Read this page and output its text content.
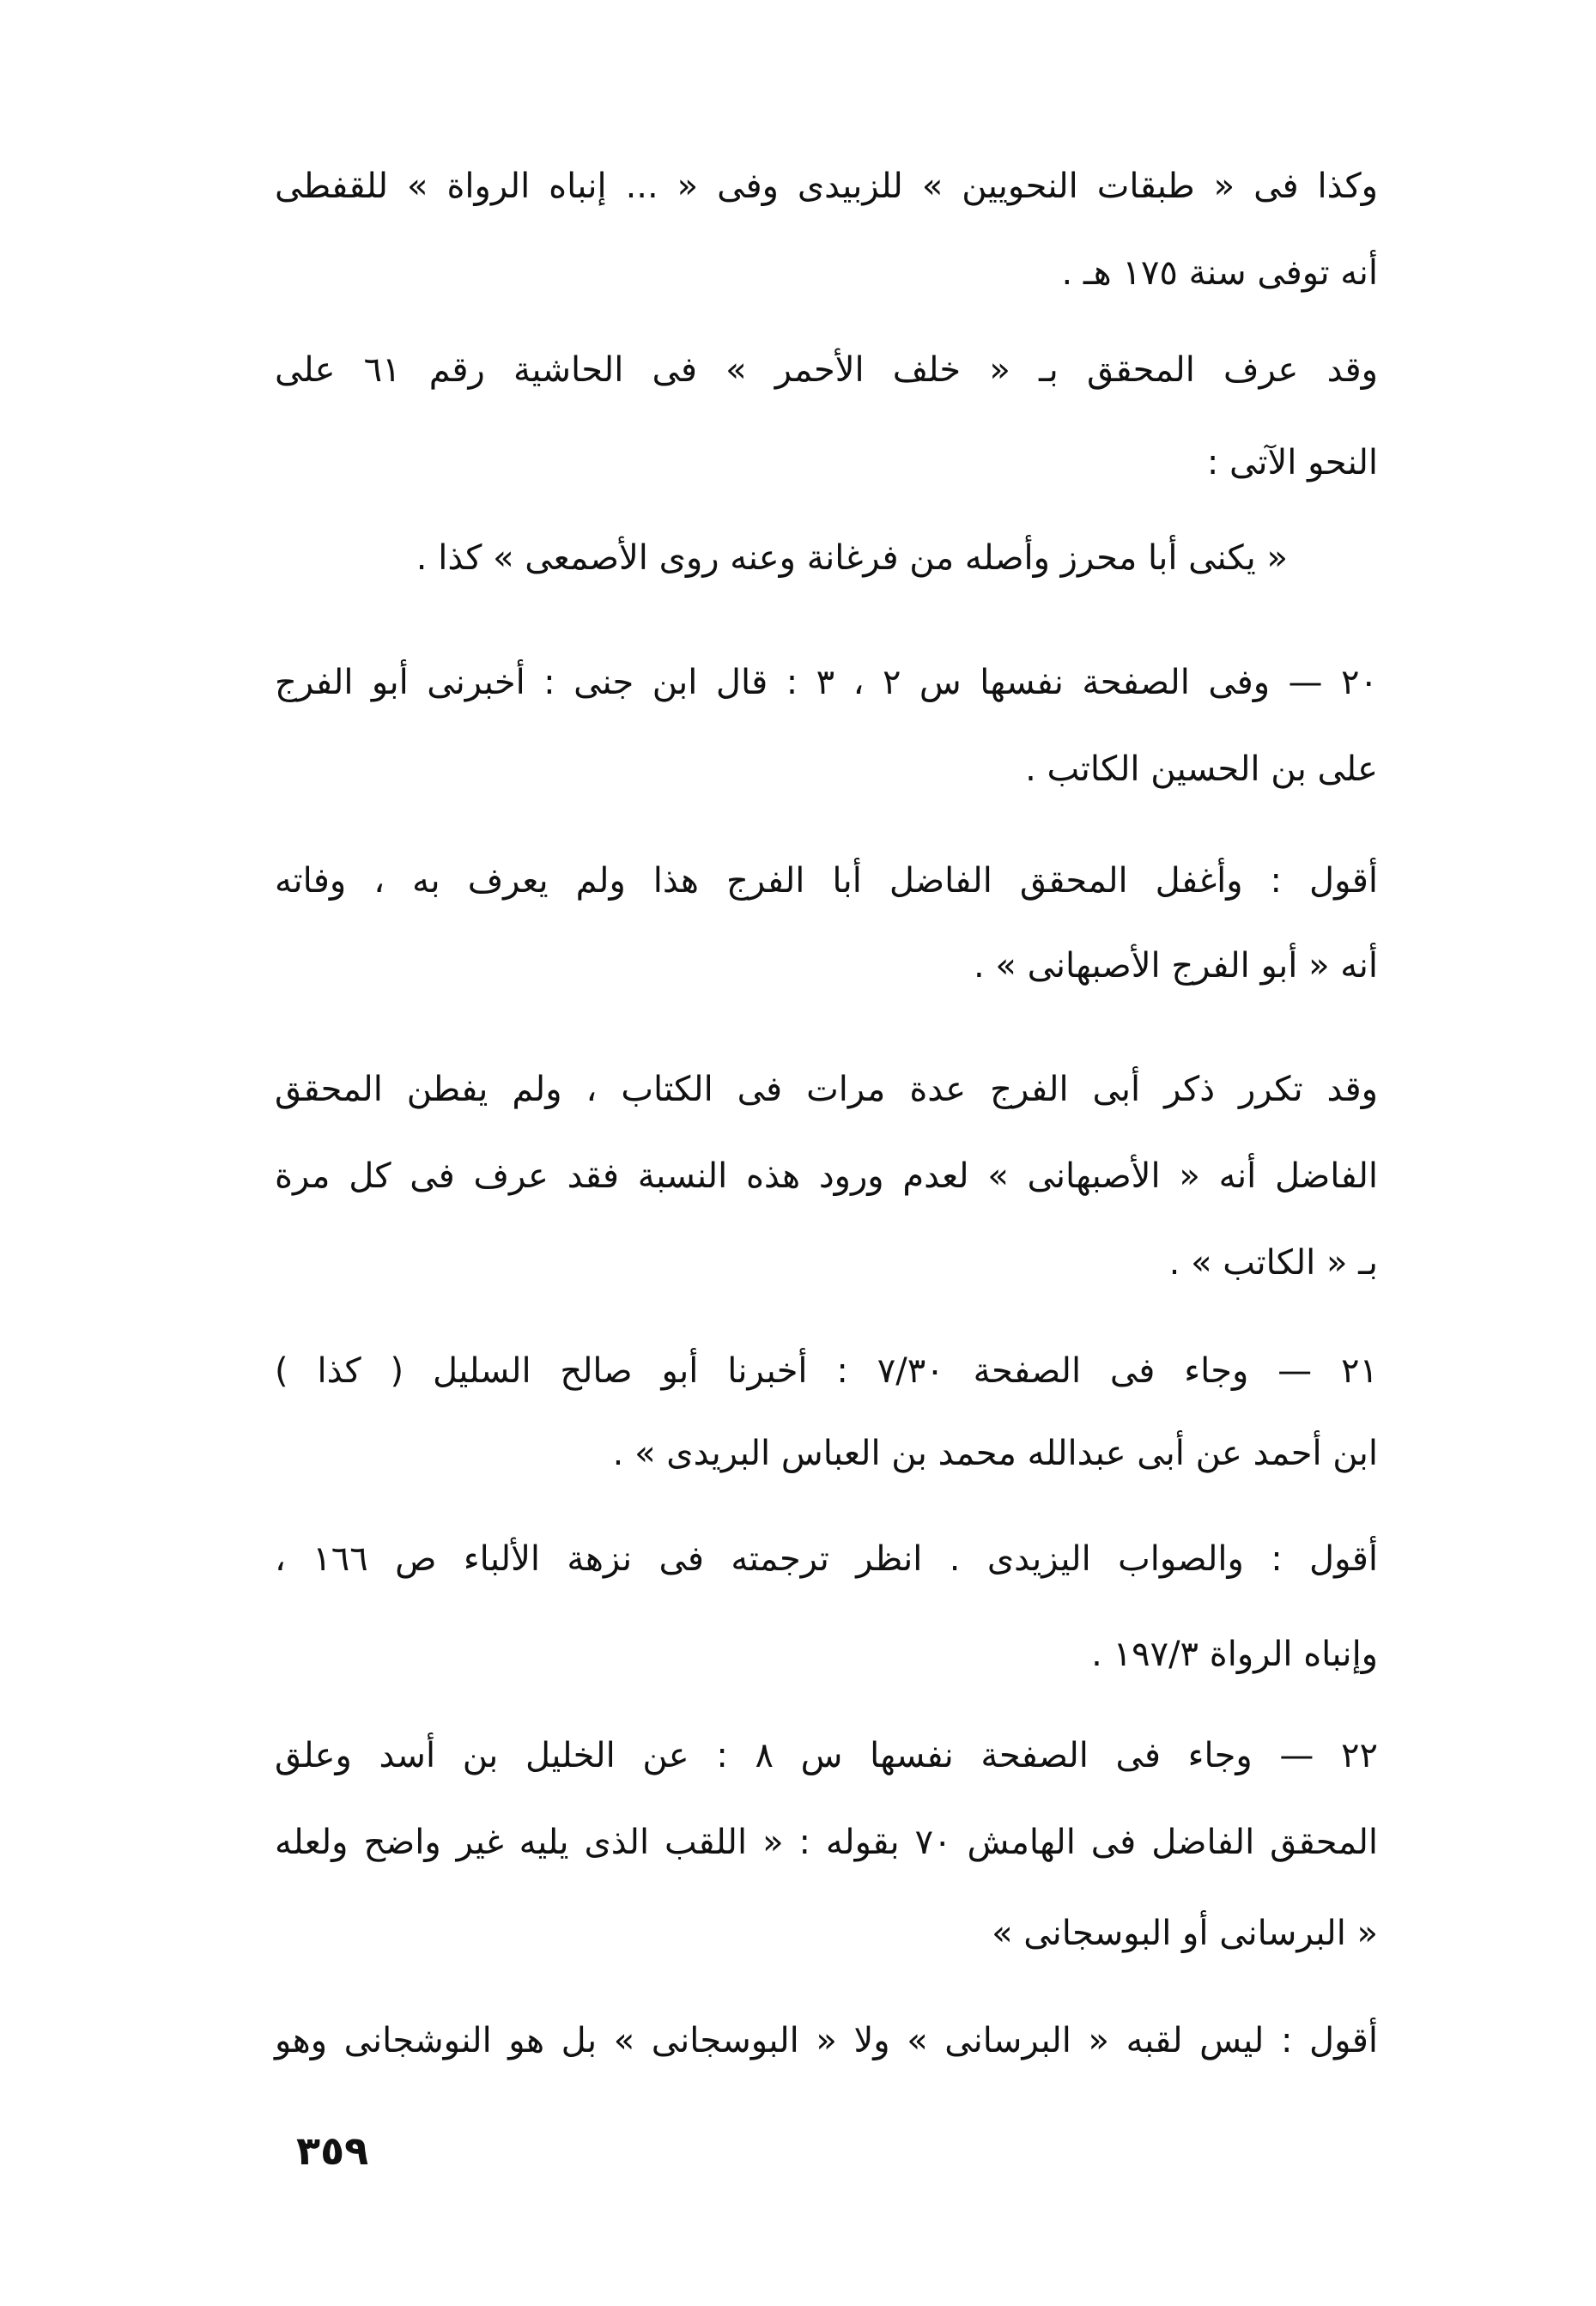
وكذا فى « طبقات النحويين » للزبيدى وفى « ... إنباه الرواة » للقفطى
أنه توفى سنة ١٧٥ هـ .
وقد عرف المحقق بـ « خلف الأحمر » فى الحاشية رقم ٦١ على
النحو الآتى :
« يكنى أبا محرز وأصله من فرغانة وعنه روى الأصمعى » كذا .
٢٠ — وفى الصفحة نفسها س ٢ ، ٣ : قال ابن جنى : أخبرنى أبو الفرج
على بن الحسين الكاتب .
أقول : وأغفل المحقق الفاضل أبا الفرج هذا ولم يعرف به ، وفاته
أنه « أبو الفرج الأصبهانى » .
وقد تكرر ذكر أبى الفرج عدة مرات فى الكتاب ، ولم يفطن المحقق
الفاضل أنه « الأصبهانى » لعدم ورود هذه النسبة فقد عرف فى كل مرة
بـ « الكاتب » .
٢١ — وجاء فى الصفحة ٧/٣٠ : أخبرنا أبو صالح السليل ( كذا )
ابن أحمد عن أبى عبدالله محمد بن العباس البريدى » .
أقول : والصواب اليزيدى . انظر ترجمته فى نزهة الألباء ص ١٦٦ ،
وإنباه الرواة ١٩٧/٣ .
٢٢ — وجاء فى الصفحة نفسها س ٨ : عن الخليل بن أسد وعلق
المحقق الفاضل فى الهامش ٧٠ بقوله : « اللقب الذى يليه غير واضح ولعله
« البرسانى أو البوسجانى »
أقول : ليس لقبه « البرسانى » ولا « البوسجانى » بل هو النوشجانى وهو
٣٥٩
